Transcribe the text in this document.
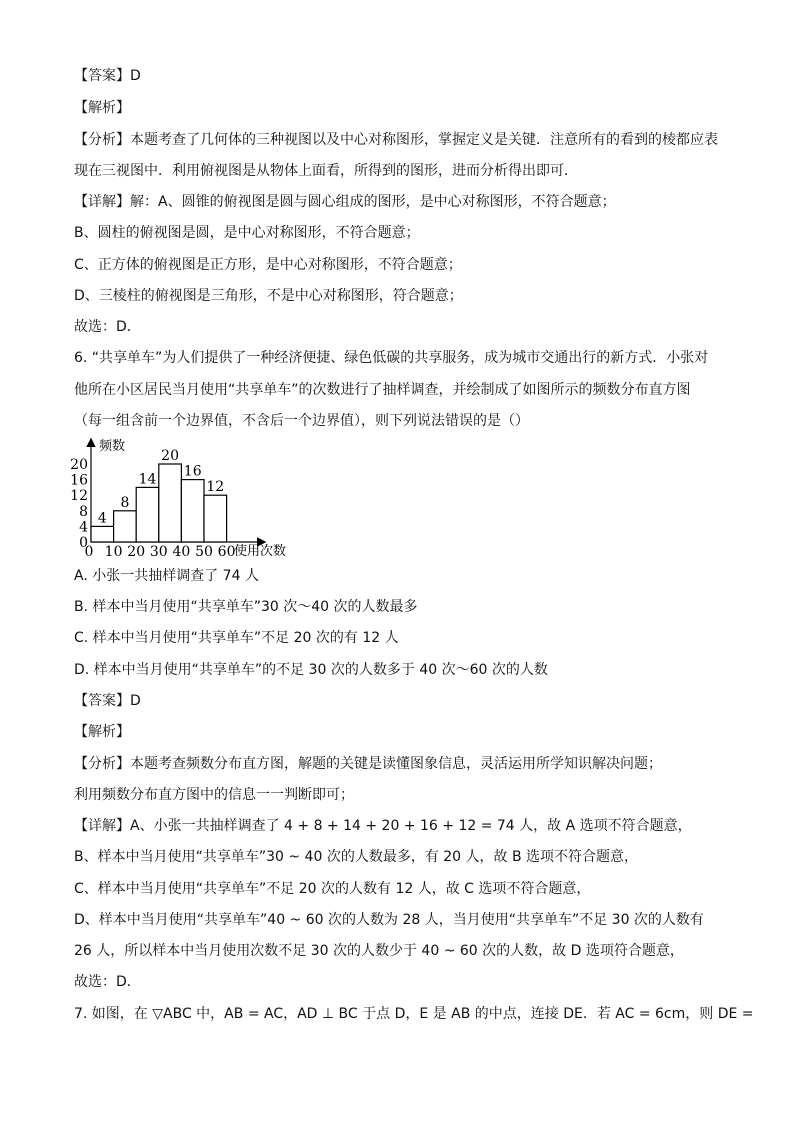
【答案】D
【解析】
【分析】本题考查了几何体的三种视图以及中心对称图形，掌握定义是关键．注意所有的看到的棱都应表
现在三视图中．利用俯视图是从物体上面看，所得到的图形，进而分析得出即可．
【详解】解：A、圆锥的俯视图是圆与圆心组成的图形，是中心对称图形，不符合题意；
B、圆柱的俯视图是圆，是中心对称图形，不符合题意；
C、正方体的俯视图是正方形，是中心对称图形，不符合题意；
D、三棱柱的俯视图是三角形，不是中心对称图形，符合题意；
故选：D．
6. “共享单车”为人们提供了一种经济便捷、绿色低碳的共享服务，成为城市交通出行的新方式．小张对
他所在小区居民当月使用“共享单车”的次数进行了抽样调查，并绘制成了如图所示的频数分布直方图
（每一组含前一个边界值，不含后一个边界值），则下列说法错误的是（）
频数
使用次数
0
4
8
12
16
20
0 10 20 30 40 50 60
4
8
14
20
16
12
A. 小张一共抽样调查了 74 人
B. 样本中当月使用“共享单车”30 次～40 次的人数最多
C. 样本中当月使用“共享单车”不足 20 次的有 12 人
D. 样本中当月使用“共享单车”的不足 30 次的人数多于 40 次～60 次的人数
【答案】D
【解析】
【分析】本题考查频数分布直方图，解题的关键是读懂图象信息，灵活运用所学知识解决问题；
利用频数分布直方图中的信息一一判断即可；
【详解】A、小张一共抽样调查了 4 + 8 + 14 + 20 + 16 + 12 = 74 人，故 A 选项不符合题意，
B、样本中当月使用“共享单车”30 ~ 40 次的人数最多，有 20 人，故 B 选项不符合题意，
C、样本中当月使用“共享单车”不足 20 次的人数有 12 人，故 C 选项不符合题意，
D、样本中当月使用“共享单车”40 ~ 60 次的人数为 28 人，当月使用“共享单车”不足 30 次的人数有
26 人，所以样本中当月使用次数不足 30 次的人数少于 40 ~ 60 次的人数，故 D 选项符合题意，
故选：D．
7. 如图，在 ▽ABC 中，AB = AC，AD ⊥ BC 于点 D，E 是 AB 的中点，连接 DE．若 AC = 6cm，则 DE =
